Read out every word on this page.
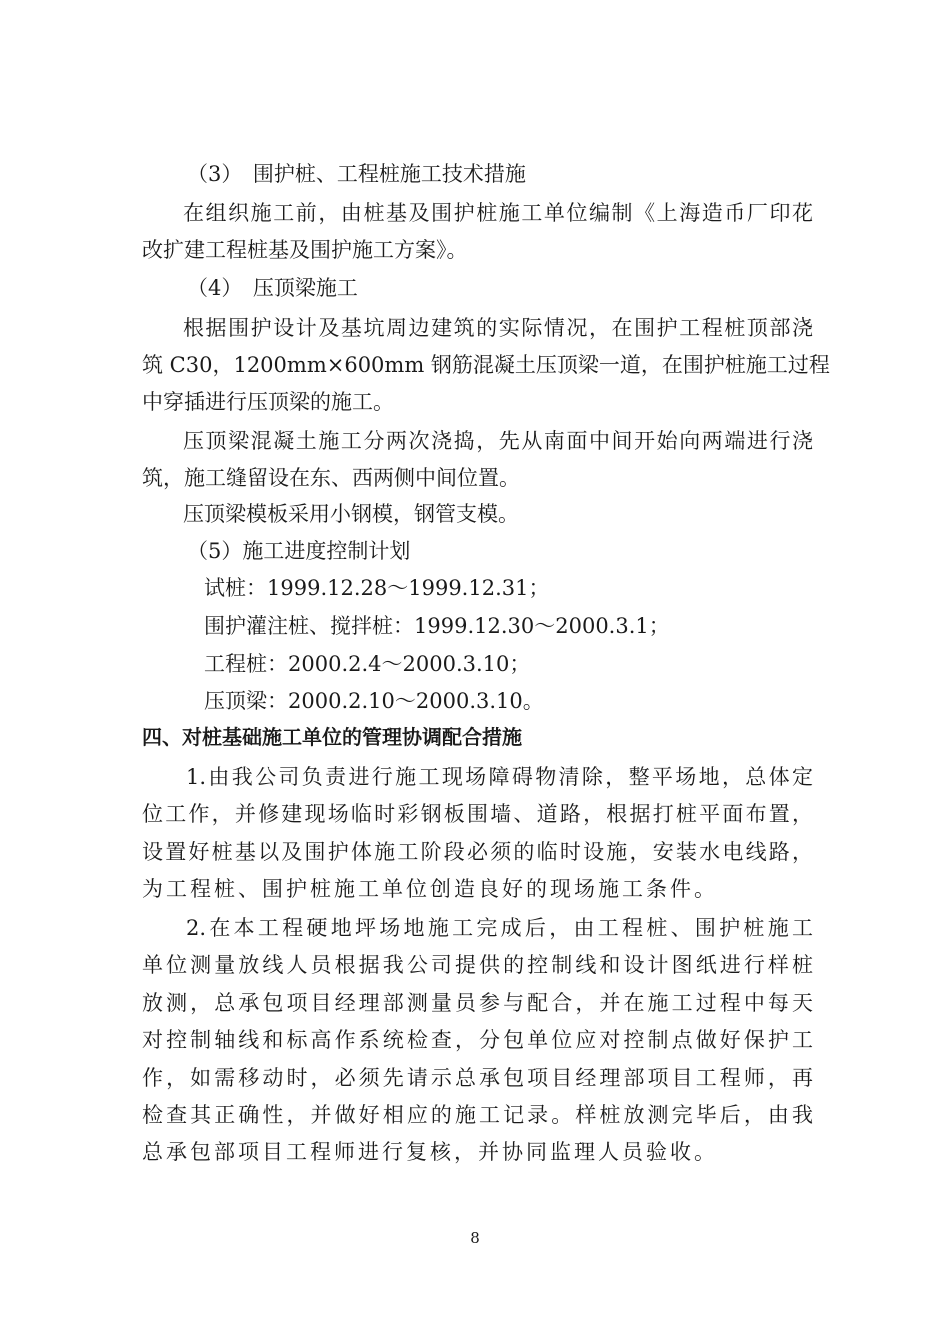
（3）　围护桩、工程桩施工技术措施
在组织施工前，由桩基及围护桩施工单位编制《上海造币厂印花
改扩建工程桩基及围护施工方案》。
（4）　压顶梁施工
根据围护设计及基坑周边建筑的实际情况，在围护工程桩顶部浇
筑 C30，1200mm×600mm 钢筋混凝土压顶梁一道，在围护桩施工过程
中穿插进行压顶梁的施工。
压顶梁混凝土施工分两次浇捣，先从南面中间开始向两端进行浇
筑，施工缝留设在东、西两侧中间位置。
压顶梁模板采用小钢模，钢管支模。
（5）施工进度控制计划
试桩：1999.12.28～1999.12.31；
围护灌注桩、搅拌桩：1999.12.30～2000.3.1；
工程桩：2000.2.4～2000.3.10；
压顶梁：2000.2.10～2000.3.10。
四、对桩基础施工单位的管理协调配合措施
1.由我公司负责进行施工现场障碍物清除，整平场地，总体定
位工作，并修建现场临时彩钢板围墙、道路，根据打桩平面布置，
设置好桩基以及围护体施工阶段必须的临时设施，安装水电线路，
为工程桩、围护桩施工单位创造良好的现场施工条件。
2.在本工程硬地坪场地施工完成后，由工程桩、围护桩施工
单位测量放线人员根据我公司提供的控制线和设计图纸进行样桩
放测，总承包项目经理部测量员参与配合，并在施工过程中每天
对控制轴线和标高作系统检查，分包单位应对控制点做好保护工
作，如需移动时，必须先请示总承包项目经理部项目工程师，再
检查其正确性，并做好相应的施工记录。样桩放测完毕后，由我
总承包部项目工程师进行复核，并协同监理人员验收。
8
